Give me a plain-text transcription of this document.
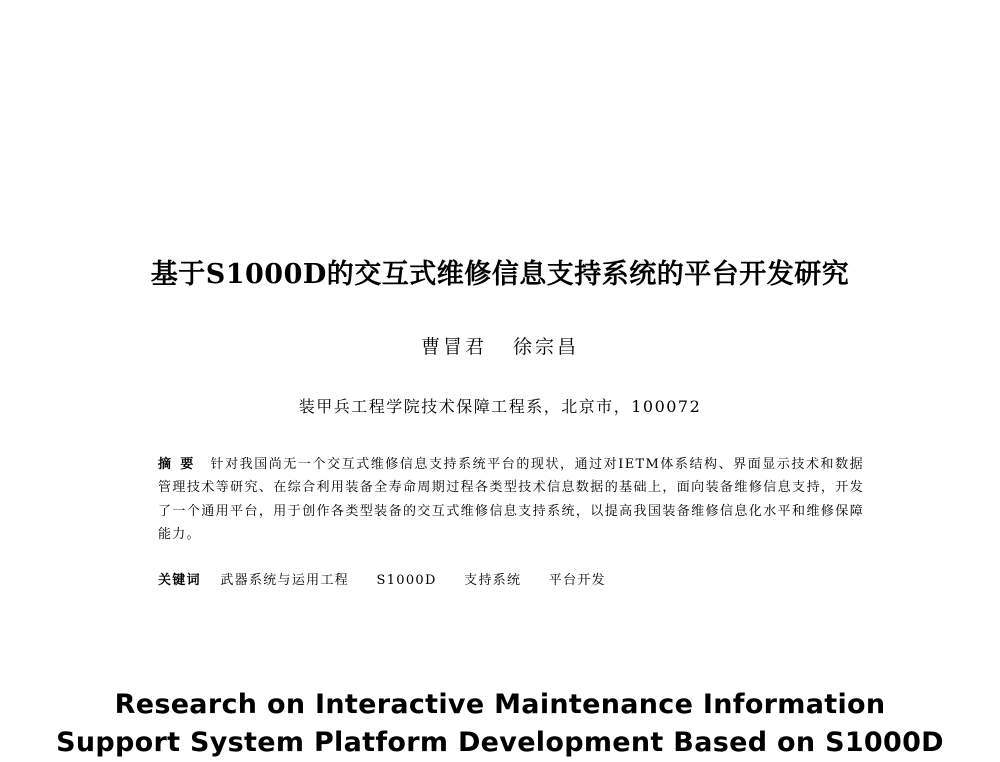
基于S1000D的交互式维修信息支持系统的平台开发研究
曹冒君 徐宗昌
装甲兵工程学院技术保障工程系，北京市，100072
摘要 针对我国尚无一个交互式维修信息支持系统平台的现状，通过对IETM体系结构、界面显示技术和数据管理技术等研究、在综合利用装备全寿命周期过程各类型技术信息数据的基础上，面向装备维修信息支持，开发了一个通用平台，用于创作各类型装备的交互式维修信息支持系统，以提高我国装备维修信息化水平和维修保障能力。
关键词 武器系统与运用工程 S1000D 支持系统 平台开发
Research on Interactive Maintenance Information
Support System Platform Development Based on S1000D
